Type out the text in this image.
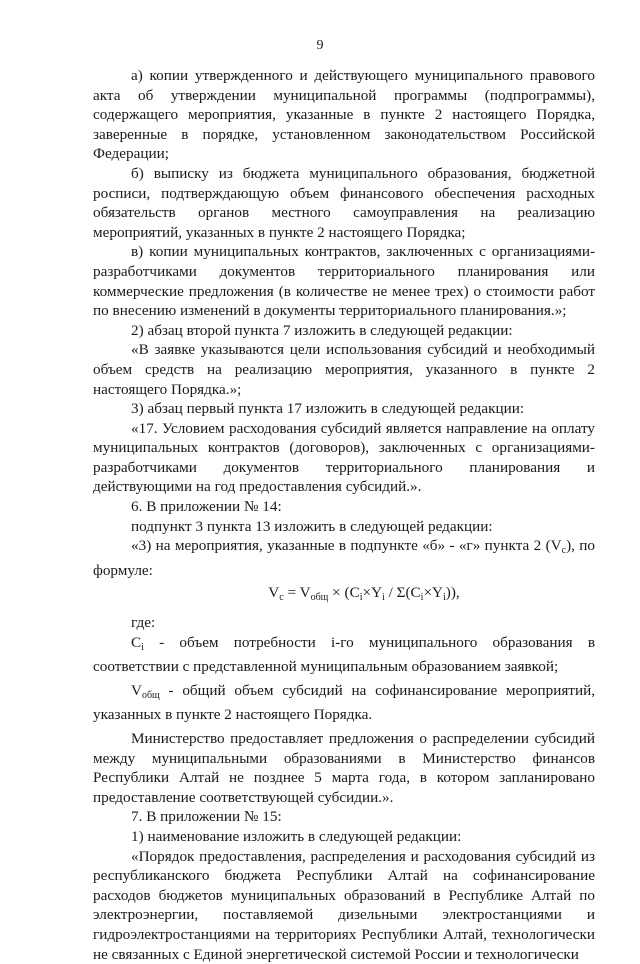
9

а) копии утвержденного и действующего муниципального правового акта об утверждении муниципальной программы (подпрограммы), содержащего мероприятия, указанные в пункте 2 настоящего Порядка, заверенные в порядке, установленном законодательством Российской Федерации;

б) выписку из бюджета муниципального образования, бюджетной росписи, подтверждающую объем финансового обеспечения расходных обязательств органов местного самоуправления на реализацию мероприятий, указанных в пункте 2 настоящего Порядка;

в) копии муниципальных контрактов, заключенных с организациями-разработчиками документов территориального планирования или коммерческие предложения (в количестве не менее трех) о стоимости работ по внесению изменений в документы территориального планирования.»;

2) абзац второй пункта 7 изложить в следующей редакции:

«В заявке указываются цели использования субсидий и необходимый объем средств на реализацию мероприятия, указанного в пункте 2 настоящего Порядка.»;

3) абзац первый пункта 17 изложить в следующей редакции:

«17. Условием расходования субсидий является направление на оплату муниципальных контрактов (договоров), заключенных с организациями-разработчиками документов территориального планирования и действующими на год предоставления субсидий.».

6. В приложении № 14:

подпункт 3 пункта 13 изложить в следующей редакции:

«3) на мероприятия, указанные в подпункте «б» - «г» пункта 2 $(V_c)$, по формуле:

$V_c = V_{общ} \times (C_i\times Y_i / \Sigma(C_i\times Y_i))$,

где:

$C_i$ - объем потребности i-го муниципального образования в соответствии с представленной муниципальным образованием заявкой;

$V_{общ}$ - общий объем субсидий на софинансирование мероприятий, указанных в пункте 2 настоящего Порядка.

Министерство предоставляет предложения о распределении субсидий между муниципальными образованиями в Министерство финансов Республики Алтай не позднее 5 марта года, в котором запланировано предоставление соответствующей субсидии.».

7. В приложении № 15:

1) наименование изложить в следующей редакции:

«Порядок предоставления, распределения и расходования субсидий из республиканского бюджета Республики Алтай на софинансирование расходов бюджетов муниципальных образований в Республике Алтай по электроэнергии, поставляемой дизельными электростанциями и гидроэлектростанциями на территориях Республики Алтай, технологически не связанных с Единой энергетической системой России и технологически
